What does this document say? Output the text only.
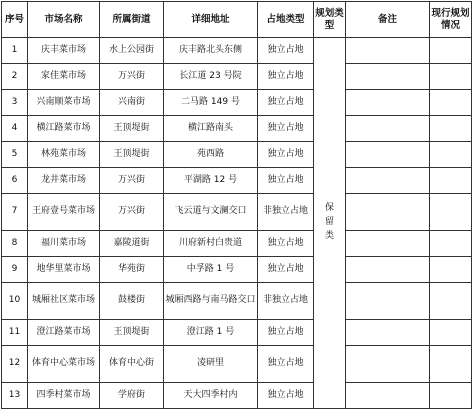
序号	市场名称	所属街道	详细地址	占地类型	规划类型	备注	现行规划情况
1	庆丰菜市场	水上公园街	庆丰路北头东侧	独立占地	保留类		

2	家佳菜市场	万兴街	长江道 23 号院	独立占地			
3	兴南顺菜市场	兴南街	二马路 149 号	独立占地			
4	横江路菜市场	王顶堤街	横江路南头	独立占地			
5	林苑菜市场	王顶堤街	苑西路	独立占地			
6	龙井菜市场	万兴街	平湖路 12 号	独立占地			
7	王府壹号菜市场	万兴街	飞云道与文澜交口	非独立占地			
8	福川菜市场	嘉陵道街	川府新村白贵道	独立占地			
9	地华里菜市场	华苑街	中孚路 1 号	独立占地			
10	城厢社区菜市场	鼓楼街	城厢西路与南马路交口	非独立占地			
11	澄江路菜市场	王顶堤街	澄江路 1 号	独立占地			
12	体育中心菜市场	体育中心街	凌研里	独立占地			
13	四季村菜市场	学府街	天大四季村内	独立占地			
